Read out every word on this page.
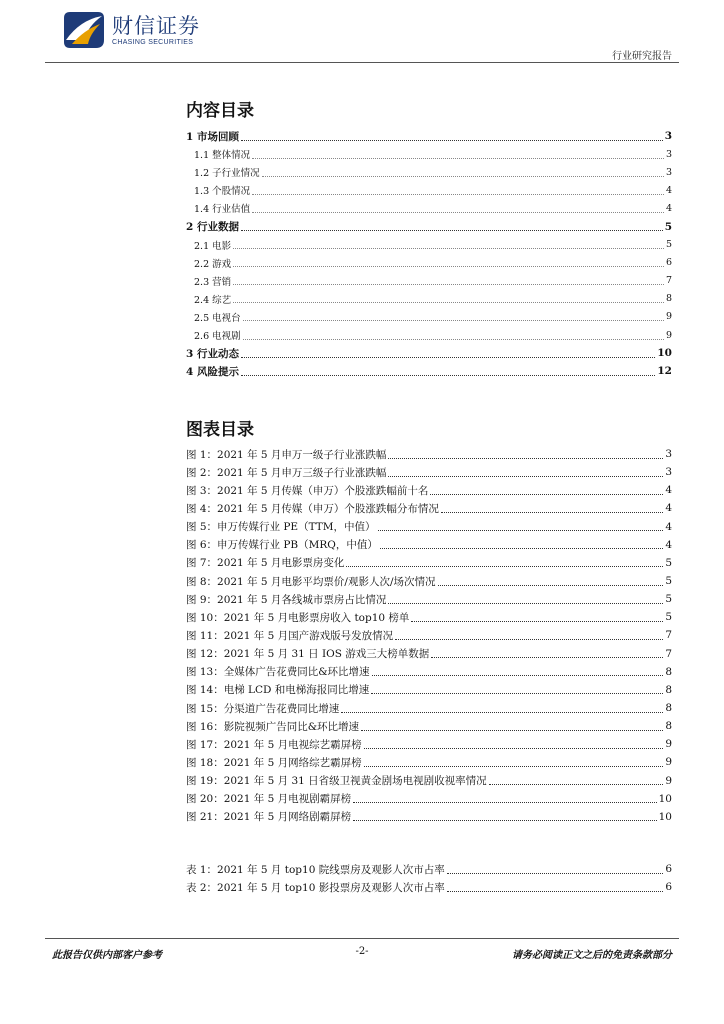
财信证券
CHASING SECURITIES
行业研究报告
内容目录
1 市场回顾	3
1.1 整体情况	3
1.2 子行业情况	3
1.3 个股情况	4
1.4 行业估值	4
2 行业数据	5
2.1 电影	5
2.2 游戏	6
2.3 营销	7
2.4 综艺	8
2.5 电视台	9
2.6 电视剧	9
3 行业动态	10
4 风险提示	12
图表目录
图 1：2021 年 5 月申万一级子行业涨跌幅	3
图 2：2021 年 5 月申万三级子行业涨跌幅	3
图 3：2021 年 5 月传媒（申万）个股涨跌幅前十名	4
图 4：2021 年 5 月传媒（申万）个股涨跌幅分布情况	4
图 5：申万传媒行业 PE（TTM，中值）	4
图 6：申万传媒行业 PB（MRQ，中值）	4
图 7：2021 年 5 月电影票房变化	5
图 8：2021 年 5 月电影平均票价/观影人次/场次情况	5
图 9：2021 年 5 月各线城市票房占比情况	5
图 10：2021 年 5 月电影票房收入 top10 榜单	5
图 11：2021 年 5 月国产游戏版号发放情况	7
图 12：2021 年 5 月 31 日 IOS 游戏三大榜单数据	7
图 13：全媒体广告花费同比&环比增速	8
图 14：电梯 LCD 和电梯海报同比增速	8
图 15：分渠道广告花费同比增速	8
图 16：影院视频广告同比&环比增速	8
图 17：2021 年 5 月电视综艺霸屏榜	9
图 18：2021 年 5 月网络综艺霸屏榜	9
图 19：2021 年 5 月 31 日省级卫视黄金剧场电视剧收视率情况	9
图 20：2021 年 5 月电视剧霸屏榜	10
图 21：2021 年 5 月网络剧霸屏榜	10
表 1：2021 年 5 月 top10 院线票房及观影人次市占率	6
表 2：2021 年 5 月 top10 影投票房及观影人次市占率	6
此报告仅供内部客户参考	-2-	请务必阅读正文之后的免责条款部分
